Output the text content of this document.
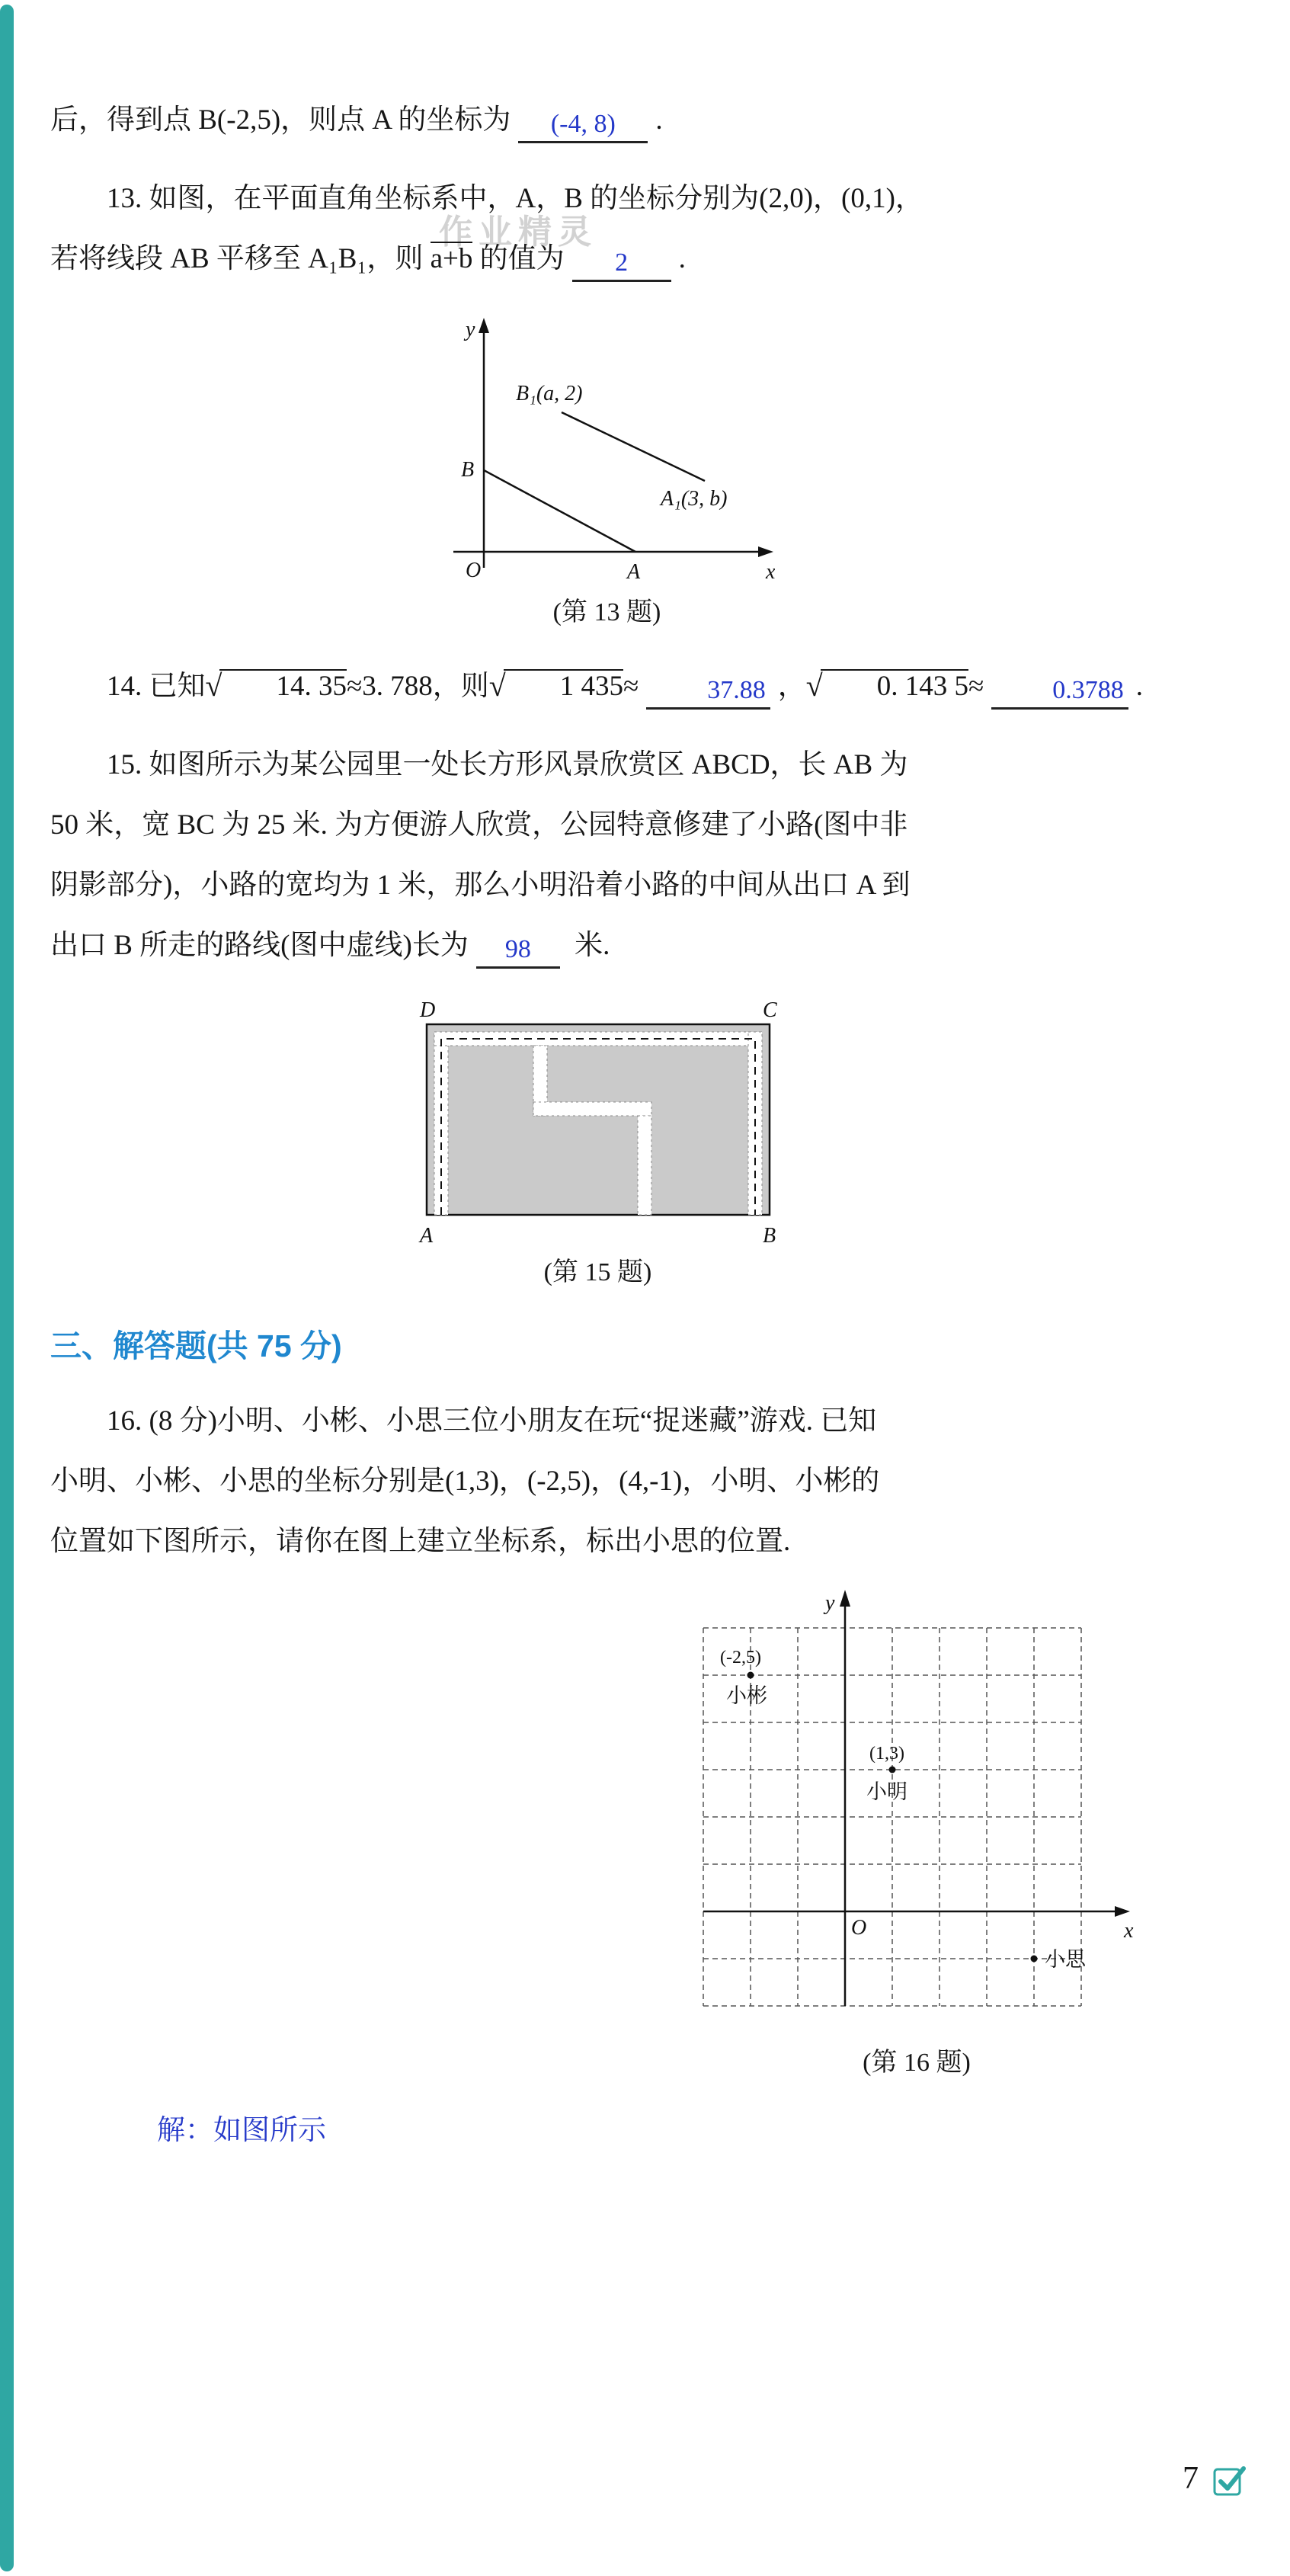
作业精灵
后，得到点 B(-2,5)，则点 A 的坐标为 (-4, 8) .
13. 如图，在平面直角坐标系中，A，B 的坐标分别为(2,0)，(0,1)，
若将线段 AB 平移至 A₁B₁，则 a+b 的值为 2 .
y
x
O
B
A
B₁(a, 2)
A₁(3, b)
(第 13 题)
14. 已知√ 14. 35≈3. 788，则√ 1 435≈	37.88 ，√ 0. 143 5≈	0.3788 .
15. 如图所示为某公园里一处长方形风景欣赏区 ABCD，长 AB 为
50 米，宽 BC 为 25 米. 为方便游人欣赏，公园特意修建了小路(图中非
阴影部分)，小路的宽均为 1 米，那么小明沿着小路的中间从出口 A 到
出口 B 所走的路线(图中虚线)长为 98 米.
D	C
A	B
(第 15 题)
三、解答题(共 75 分)
16. (8 分)小明、小彬、小思三位小朋友在玩“捉迷藏”游戏. 已知
小明、小彬、小思的坐标分别是(1,3)，(-2,5)，(4,-1)，小明、小彬的
位置如下图所示，请你在图上建立坐标系，标出小思的位置.
y
x
O
(-2,5)
小彬
(1,3)
小明
小思
(第 16 题)
解：如图所示
7
